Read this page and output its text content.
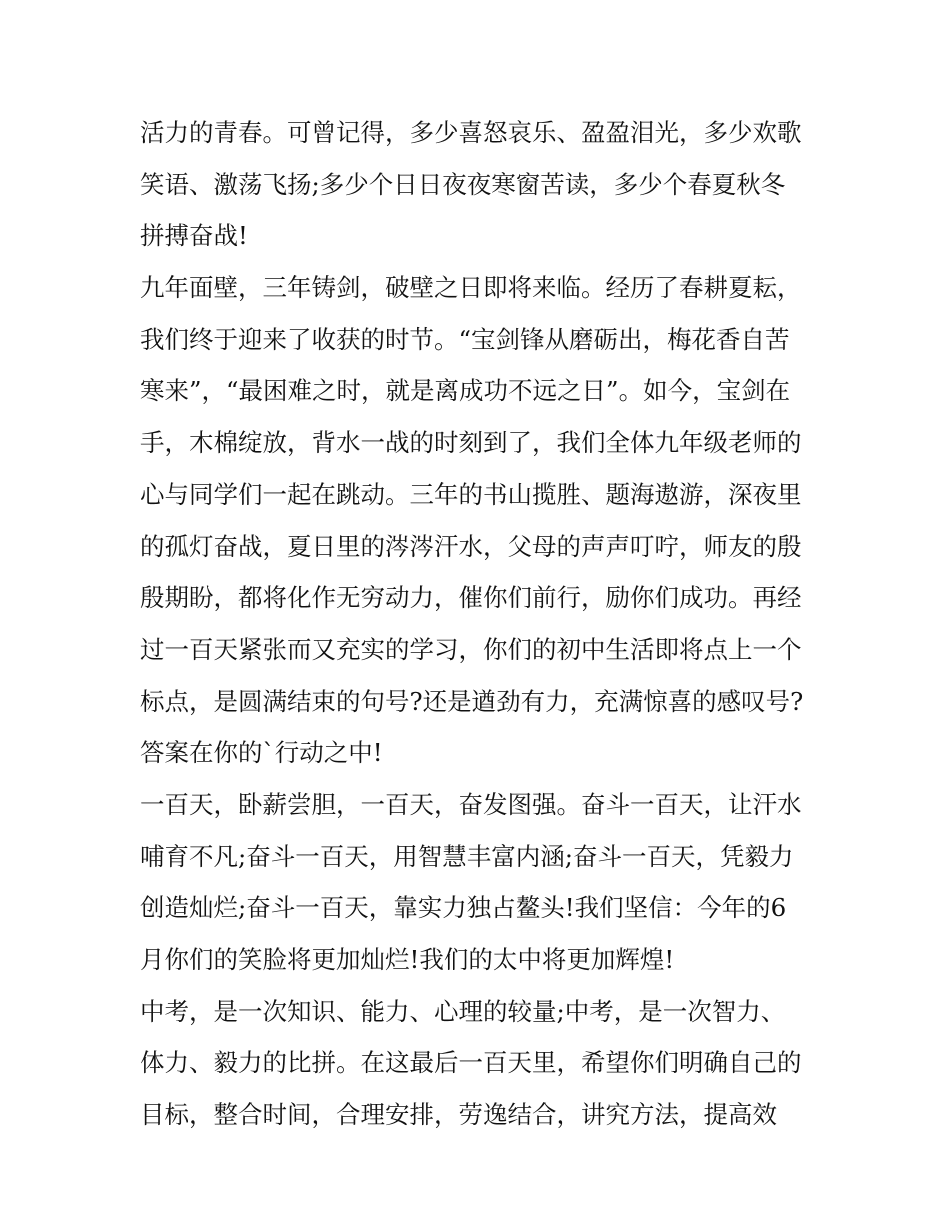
活力的青春。可曾记得，多少喜怒哀乐、盈盈泪光，多少欢歌
笑语、激荡飞扬;多少个日日夜夜寒窗苦读，多少个春夏秋冬
拼搏奋战!
九年面壁，三年铸剑，破壁之日即将来临。经历了春耕夏耘，
我们终于迎来了收获的时节。“宝剑锋从磨砺出，梅花香自苦
寒来”，“最困难之时，就是离成功不远之日”。如今，宝剑在
手，木棉绽放，背水一战的时刻到了，我们全体九年级老师的
心与同学们一起在跳动。三年的书山揽胜、题海遨游，深夜里
的孤灯奋战，夏日里的涔涔汗水，父母的声声叮咛，师友的殷
殷期盼，都将化作无穷动力，催你们前行，励你们成功。再经
过一百天紧张而又充实的学习，你们的初中生活即将点上一个
标点，是圆满结束的句号?还是遒劲有力，充满惊喜的感叹号?
答案在你的`行动之中!
一百天，卧薪尝胆，一百天，奋发图强。奋斗一百天，让汗水
哺育不凡;奋斗一百天，用智慧丰富内涵;奋斗一百天，凭毅力
创造灿烂;奋斗一百天，靠实力独占鳌头!我们坚信：今年的6
月你们的笑脸将更加灿烂!我们的太中将更加辉煌!
中考，是一次知识、能力、心理的较量;中考，是一次智力、
体力、毅力的比拼。在这最后一百天里，希望你们明确自己的
目标，整合时间，合理安排，劳逸结合，讲究方法，提高效
